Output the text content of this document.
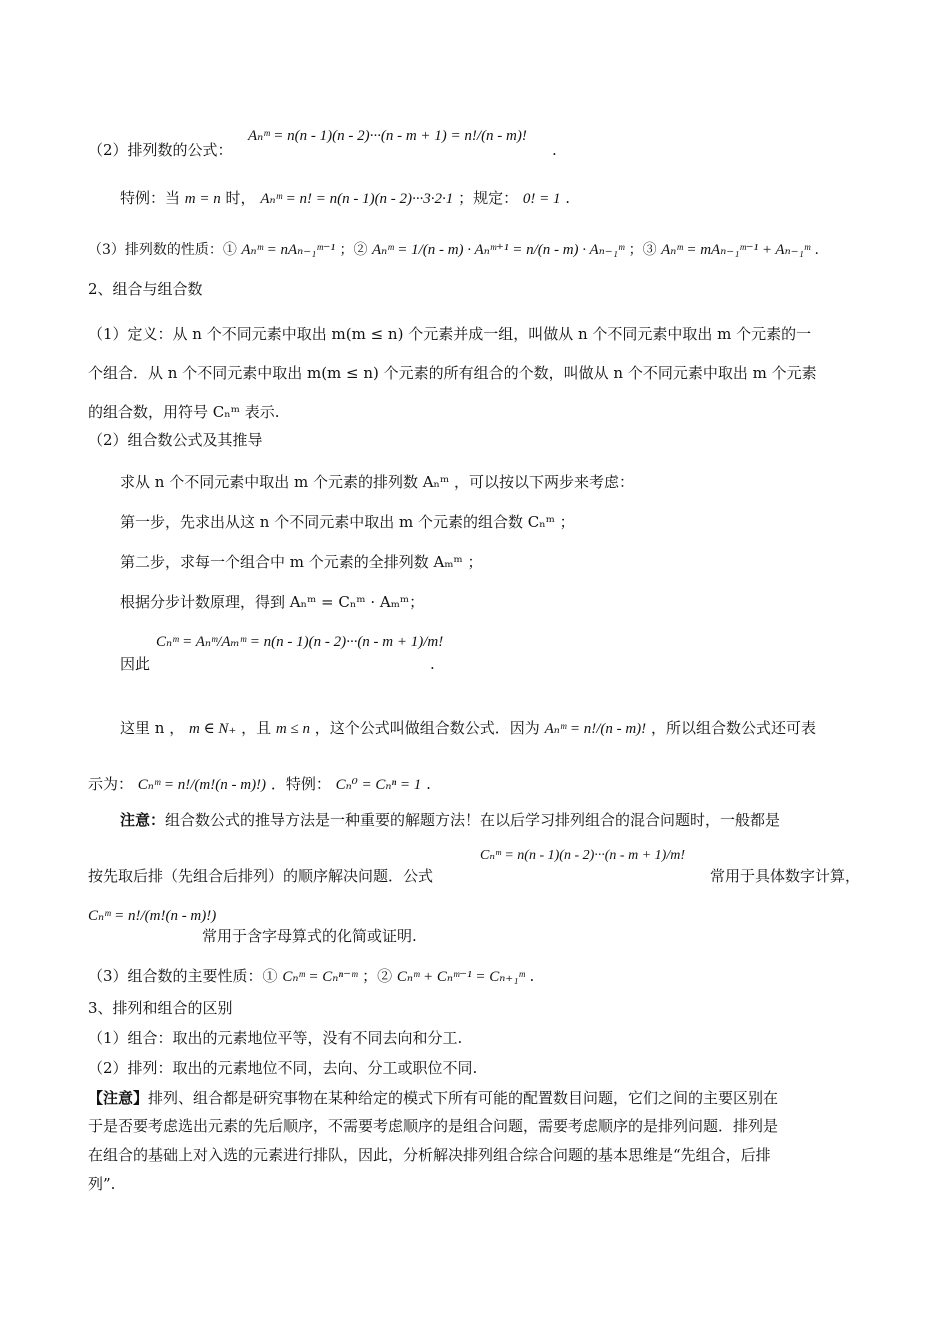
（2）排列数的公式：
Aₙᵐ = n(n - 1)(n - 2)···(n - m + 1) = n!/(n - m)!
.
特例：当 m = n 时， Aₙᵐ = n! = n(n - 1)(n - 2)···3·2·1 ；规定： 0! = 1 .
（3）排列数的性质：① Aₙᵐ = nAₙ₋₁ᵐ⁻¹ ；② Aₙᵐ = 1/(n - m) · Aₙᵐ⁺¹ = n/(n - m) · Aₙ₋₁ᵐ ；③ Aₙᵐ = mAₙ₋₁ᵐ⁻¹ + Aₙ₋₁ᵐ .
2、组合与组合数
（1）定义：从 n 个不同元素中取出 m(m ≤ n) 个元素并成一组，叫做从 n 个不同元素中取出 m 个元素的一
个组合．从 n 个不同元素中取出 m(m ≤ n) 个元素的所有组合的个数，叫做从 n 个不同元素中取出 m 个元素
的组合数，用符号 Cₙᵐ 表示.
（2）组合数公式及其推导
求从 n 个不同元素中取出 m 个元素的排列数 Aₙᵐ ，可以按以下两步来考虑：
第一步，先求出从这 n 个不同元素中取出 m 个元素的组合数 Cₙᵐ ；
第二步，求每一个组合中 m 个元素的全排列数 Aₘᵐ ；
根据分步计数原理，得到 Aₙᵐ = Cₙᵐ · Aₘᵐ；
因此
Cₙᵐ = Aₙᵐ/Aₘᵐ = n(n - 1)(n - 2)···(n - m + 1)/m!
.
这里 n ， m ∈ N₊ ，且 m ≤ n ，这个公式叫做组合数公式．因为 Aₙᵐ = n!/(n - m)! ，所以组合数公式还可表
示为： Cₙᵐ = n!/(m!(n - m)!) ．特例： Cₙ⁰ = Cₙⁿ = 1 .
注意：组合数公式的推导方法是一种重要的解题方法！在以后学习排列组合的混合问题时，一般都是
按先取后排（先组合后排列）的顺序解决问题．公式
Cₙᵐ = n(n - 1)(n - 2)···(n - m + 1)/m!
常用于具体数字计算，
Cₙᵐ = n!/(m!(n - m)!)
常用于含字母算式的化简或证明.
（3）组合数的主要性质：① Cₙᵐ = Cₙⁿ⁻ᵐ ；② Cₙᵐ + Cₙᵐ⁻¹ = Cₙ₊₁ᵐ .
3、排列和组合的区别
（1）组合：取出的元素地位平等，没有不同去向和分工.
（2）排列：取出的元素地位不同，去向、分工或职位不同.
【注意】排列、组合都是研究事物在某种给定的模式下所有可能的配置数目问题，它们之间的主要区别在
于是否要考虑选出元素的先后顺序，不需要考虑顺序的是组合问题，需要考虑顺序的是排列问题．排列是
在组合的基础上对入选的元素进行排队，因此，分析解决排列组合综合问题的基本思维是“先组合，后排
列”.
